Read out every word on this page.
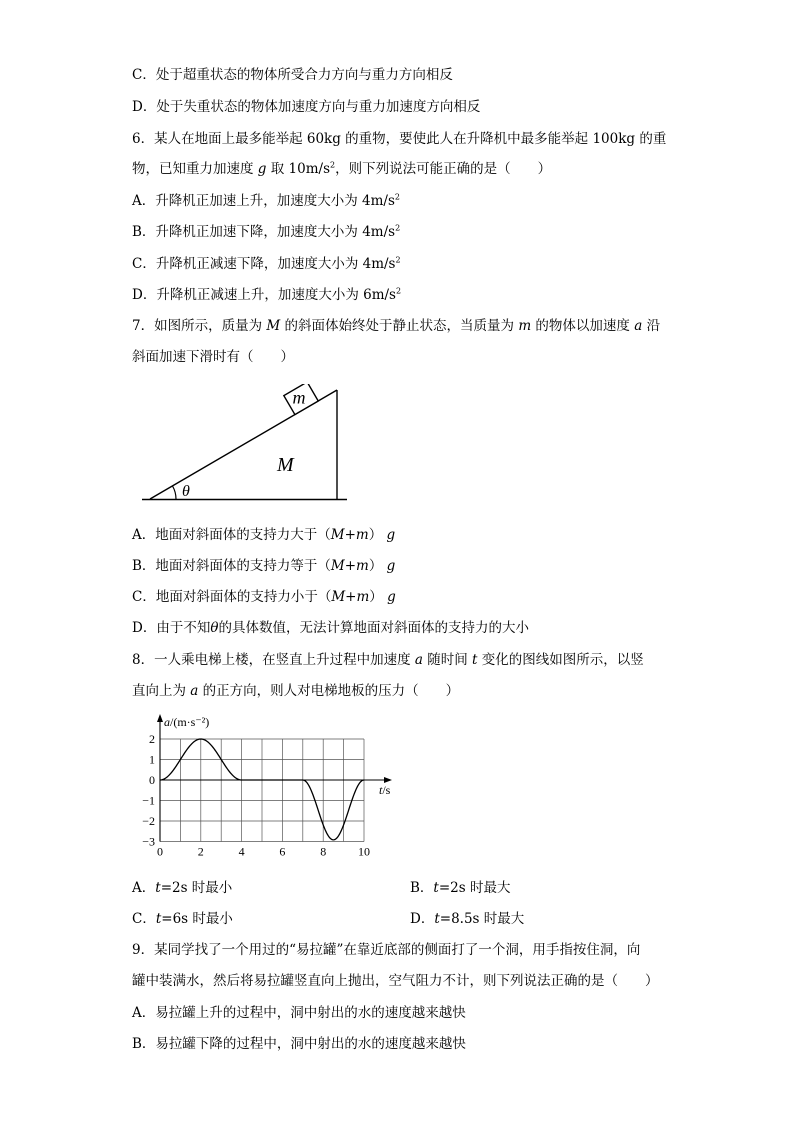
C．处于超重状态的物体所受合力方向与重力方向相反
D．处于失重状态的物体加速度方向与重力加速度方向相反
6．某人在地面上最多能举起 60kg 的重物，要使此人在升降机中最多能举起 100kg 的重
物，已知重力加速度 g 取 $10m/s^2$，则下列说法可能正确的是（　　）
A．升降机正加速上升，加速度大小为 $4m/s^2$
B．升降机正加速下降，加速度大小为 $4m/s^2$
C．升降机正减速下降，加速度大小为 $4m/s^2$
D．升降机正减速上升，加速度大小为 $6m/s^2$
7．如图所示，质量为 M 的斜面体始终处于静止状态，当质量为 m 的物体以加速度 a 沿
斜面加速下滑时有（　　）
θ
M
m
A．地面对斜面体的支持力大于（M+m） g
B．地面对斜面体的支持力等于（M+m） g
C．地面对斜面体的支持力小于（M+m） g
D．由于不知θ的具体数值，无法计算地面对斜面体的支持力的大小
8．一人乘电梯上楼，在竖直上升过程中加速度 a 随时间 t 变化的图线如图所示，以竖
直向上为 a 的正方向，则人对电梯地板的压力（　　）
0	2	4	6	8	10
2
1
0
−1
−2
−3
a/(m·s⁻²)
t/s
A．t=2s 时最小	B．t=2s 时最大
C．t=6s 时最小	D．t=8.5s 时最大
9．某同学找了一个用过的“易拉罐”在靠近底部的侧面打了一个洞，用手指按住洞，向
罐中装满水，然后将易拉罐竖直向上抛出，空气阻力不计，则下列说法正确的是（　　）
A．易拉罐上升的过程中，洞中射出的水的速度越来越快
B．易拉罐下降的过程中，洞中射出的水的速度越来越快
